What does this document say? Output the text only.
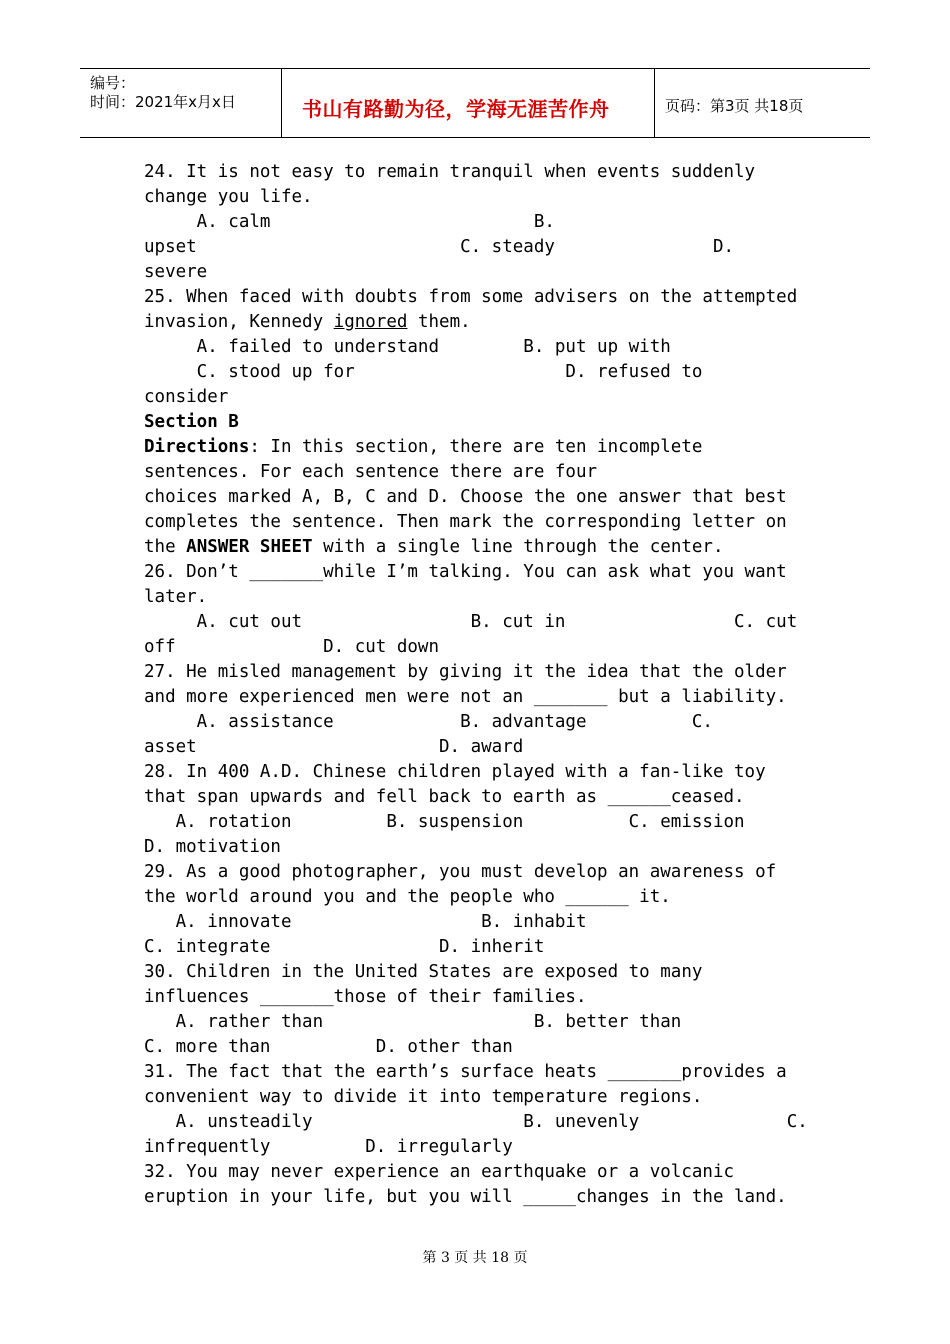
编号：
时间：2021年x月x日	书山有路勤为径，学海无涯苦作舟	页码：第3页 共18页
24. It is not easy to remain tranquil when events suddenly
change you life.
A. calm                         B.
upset                         C. steady               D.
severe
25. When faced with doubts from some advisers on the attempted
invasion, Kennedy ignored them.
A. failed to understand        B. put up with
C. stood up for                    D. refused to
consider
Section B
Directions: In this section, there are ten incomplete
sentences. For each sentence there are four
choices marked A, B, C and D. Choose the one answer that best
completes the sentence. Then mark the corresponding letter on
the ANSWER SHEET with a single line through the center.
26. Don’t _______while I’m talking. You can ask what you want
later.
A. cut out                B. cut in                C. cut
off              D. cut down
27. He misled management by giving it the idea that the older
and more experienced men were not an _______ but a liability.
A. assistance            B. advantage          C.
asset                       D. award
28. In 400 A.D. Chinese children played with a fan-like toy
that span upwards and fell back to earth as ______ceased.
A. rotation         B. suspension          C. emission
D. motivation
29. As a good photographer, you must develop an awareness of
the world around you and the people who ______ it.
A. innovate                  B. inhabit
C. integrate                D. inherit
30. Children in the United States are exposed to many
influences _______those of their families.
A. rather than                    B. better than
C. more than          D. other than
31. The fact that the earth’s surface heats _______provides a
convenient way to divide it into temperature regions.
A. unsteadily                    B. unevenly              C.
infrequently         D. irregularly
32. You may never experience an earthquake or a volcanic
eruption in your life, but you will _____changes in the land.
第 3 页 共 18 页
